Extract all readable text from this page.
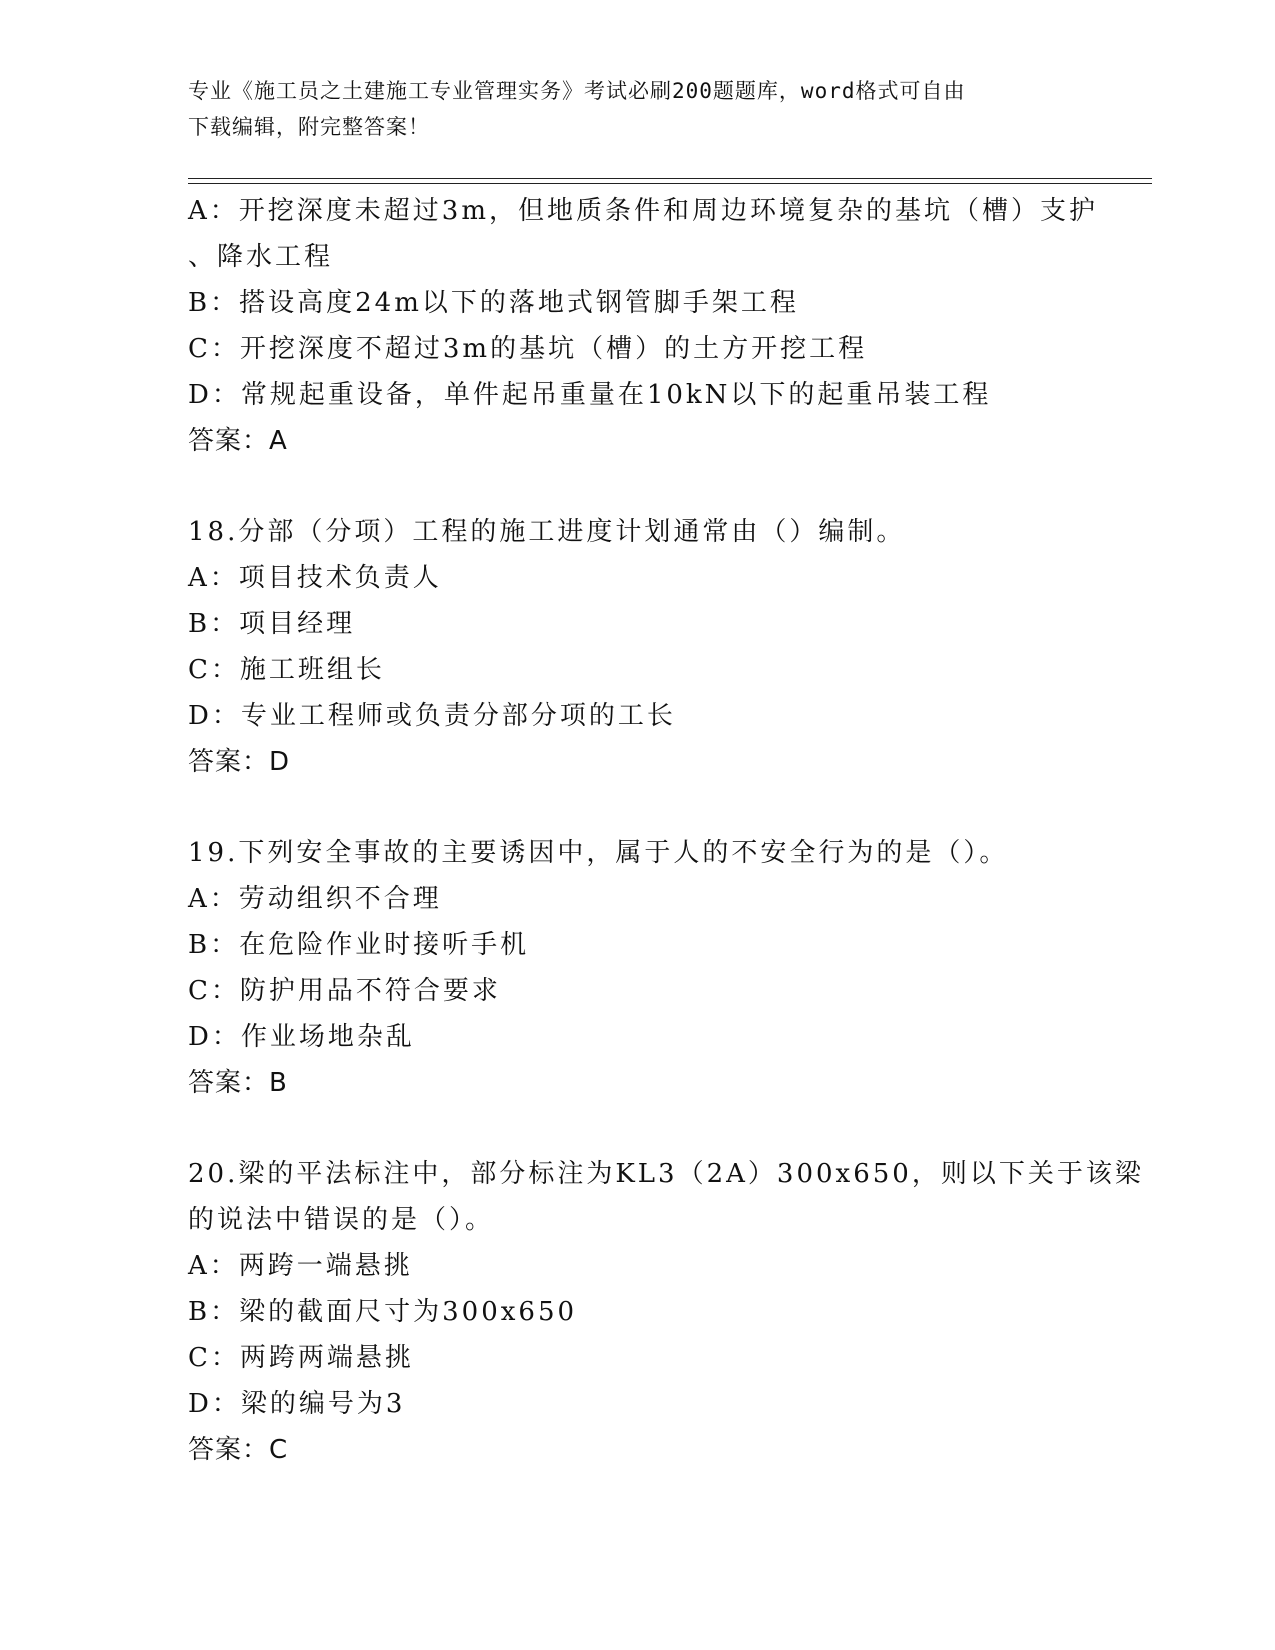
专业《施工员之土建施工专业管理实务》考试必刷200题题库，word格式可自由
下载编辑，附完整答案！
A：开挖深度未超过3m，但地质条件和周边环境复杂的基坑（槽）支护
、降水工程
B：搭设高度24m以下的落地式钢管脚手架工程
C：开挖深度不超过3m的基坑（槽）的土方开挖工程
D：常规起重设备，单件起吊重量在10kN以下的起重吊装工程
答案：A
18.分部（分项）工程的施工进度计划通常由（）编制。
A：项目技术负责人
B：项目经理
C：施工班组长
D：专业工程师或负责分部分项的工长
答案：D
19.下列安全事故的主要诱因中，属于人的不安全行为的是（）。
A：劳动组织不合理
B：在危险作业时接听手机
C：防护用品不符合要求
D：作业场地杂乱
答案：B
20.梁的平法标注中，部分标注为KL3（2A）300x650，则以下关于该梁
的说法中错误的是（）。
A：两跨一端悬挑
B：梁的截面尺寸为300x650
C：两跨两端悬挑
D：梁的编号为3
答案：C
